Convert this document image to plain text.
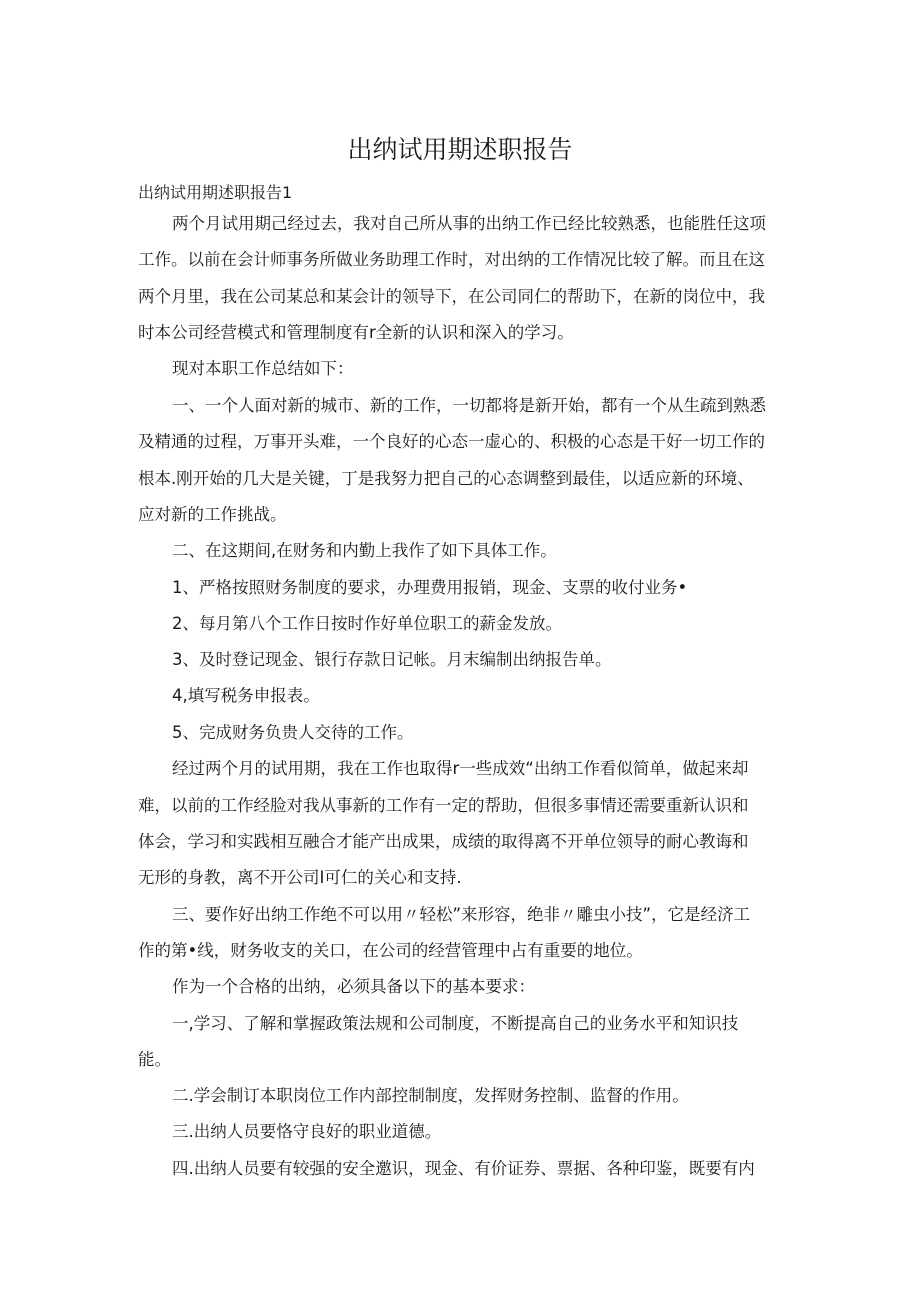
出纳试用期述职报告

出纳试用期述职报告1

两个月试用期己经过去，我对自己所从事的出纳工作已经比较熟悉，也能胜任这项

工作。以前在会计师事务所做业务助理工作时，对出纳的工作情况比较了解。而且在这

两个月里，我在公司某总和某会计的领导下，在公司同仁的帮助下，在新的岗位中，我

时本公司经营模式和管理制度有r全新的认识和深入的学习。

现对本职工作总结如下：

一、一个人面对新的城市、新的工作，一切都将是新开始，都有一个从生疏到熟悉

及精通的过程，万事开头难，一个良好的心态一虚心的、积极的心态是干好一切工作的

根本.刚开始的几大是关键，丁是我努力把自己的心态调整到最佳，以适应新的环境、

应对新的工作挑战。

二、在这期间,在财务和内勤上我作了如下具体工作。

1、严格按照财务制度的要求，办理费用报销，现金、支票的收付业务•

2、每月第八个工作日按时作好单位职工的薪金发放。

3、及时登记现金、银行存款日记帐。月末编制出纳报告单。

4,填写税务申报表。

5、完成财务负贵人交待的工作。

经过两个月的试用期，我在工作也取得r一些成效“出纳工作看似简单，做起来却

难，以前的工作经脸对我从事新的工作有一定的帮助，但很多事情还需要重新认识和

体会，学习和实践相互融合才能产出成果，成绩的取得离不开单位领导的耐心教诲和

无形的身教，离不开公司I可仁的关心和支持.

三、要作好出纳工作绝不可以用〃轻松”来形容，绝非〃雕虫小技”，它是经济工

作的第•线，财务收支的关口，在公司的经营管理中占有重要的地位。

作为一个合格的出纳，必须具备以下的基本要求：

一,学习、了解和掌握政策法规和公司制度，不断提高自己的业务水平和知识技

能。

二.学会制订本职岗位工作内部控制制度，发挥财务控制、监督的作用。

三.出纳人员要恪守良好的职业道德。

四.出纳人员要有较强的安全邀识，现金、有价证券、票据、各种印鉴，既要有内
